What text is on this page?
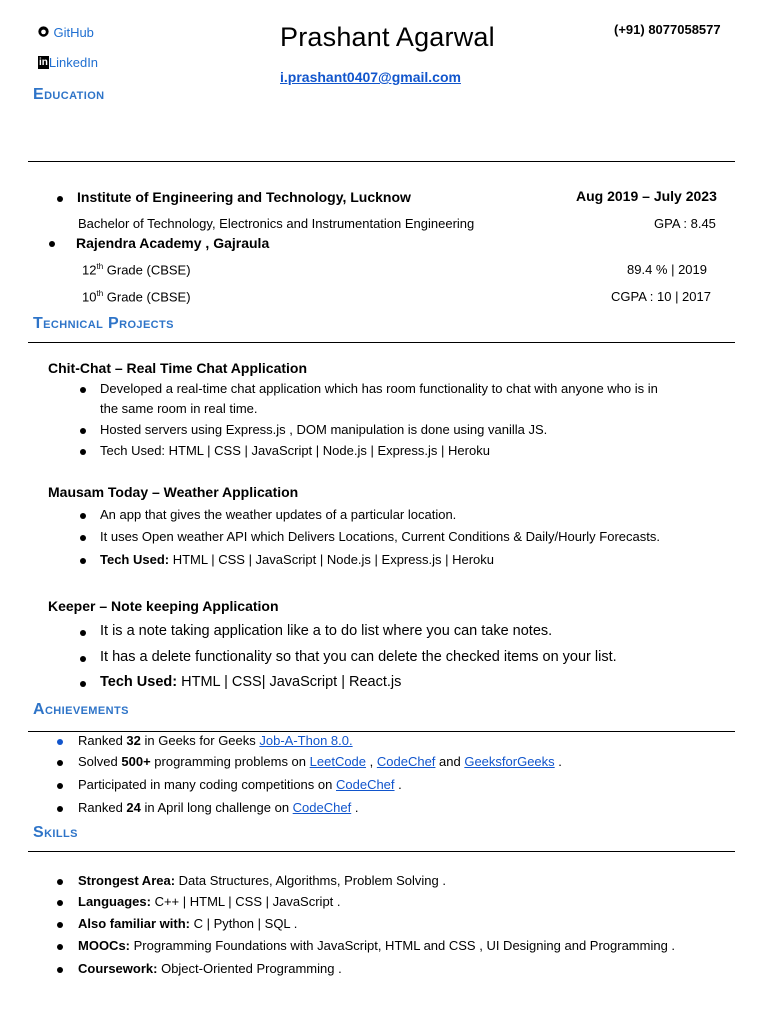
GitHub
inLinkedIn
Prashant Agarwal
i.prashant0407@gmail.com
(+91) 8077058577
Education
Institute of Engineering and Technology, Lucknow	Aug 2019 – July 2023
Bachelor of Technology, Electronics and Instrumentation Engineering	GPA : 8.45
Rajendra Academy , Gajraula
12th Grade (CBSE)	89.4 % | 2019
10th Grade (CBSE)	CGPA : 10 | 2017
Technical Projects
Chit-Chat – Real Time Chat Application
Developed a real-time chat application which has room functionality to chat with anyone who is in
the same room in real time.
Hosted servers using Express.js , DOM manipulation is done using vanilla JS.
Tech Used: HTML | CSS | JavaScript | Node.js | Express.js | Heroku
Mausam Today – Weather Application
An app that gives the weather updates of a particular location.
It uses Open weather API which Delivers Locations, Current Conditions & Daily/Hourly Forecasts.
Tech Used: HTML | CSS | JavaScript | Node.js | Express.js | Heroku
Keeper – Note keeping Application
It is a note taking application like a to do list where you can take notes.
It has a delete functionality so that you can delete the checked items on your list.
Tech Used: HTML | CSS| JavaScript | React.js
Achievements
Ranked 32 in Geeks for Geeks Job-A-Thon 8.0.
Solved 500+ programming problems on LeetCode , CodeChef and GeeksforGeeks .
Participated in many coding competitions on CodeChef .
Ranked 24 in April long challenge on CodeChef .
Skills
Strongest Area: Data Structures, Algorithms, Problem Solving .
Languages: C++ | HTML | CSS | JavaScript .
Also familiar with: C | Python | SQL .
MOOCs: Programming Foundations with JavaScript, HTML and CSS , UI Designing and Programming .
Coursework: Object-Oriented Programming .
